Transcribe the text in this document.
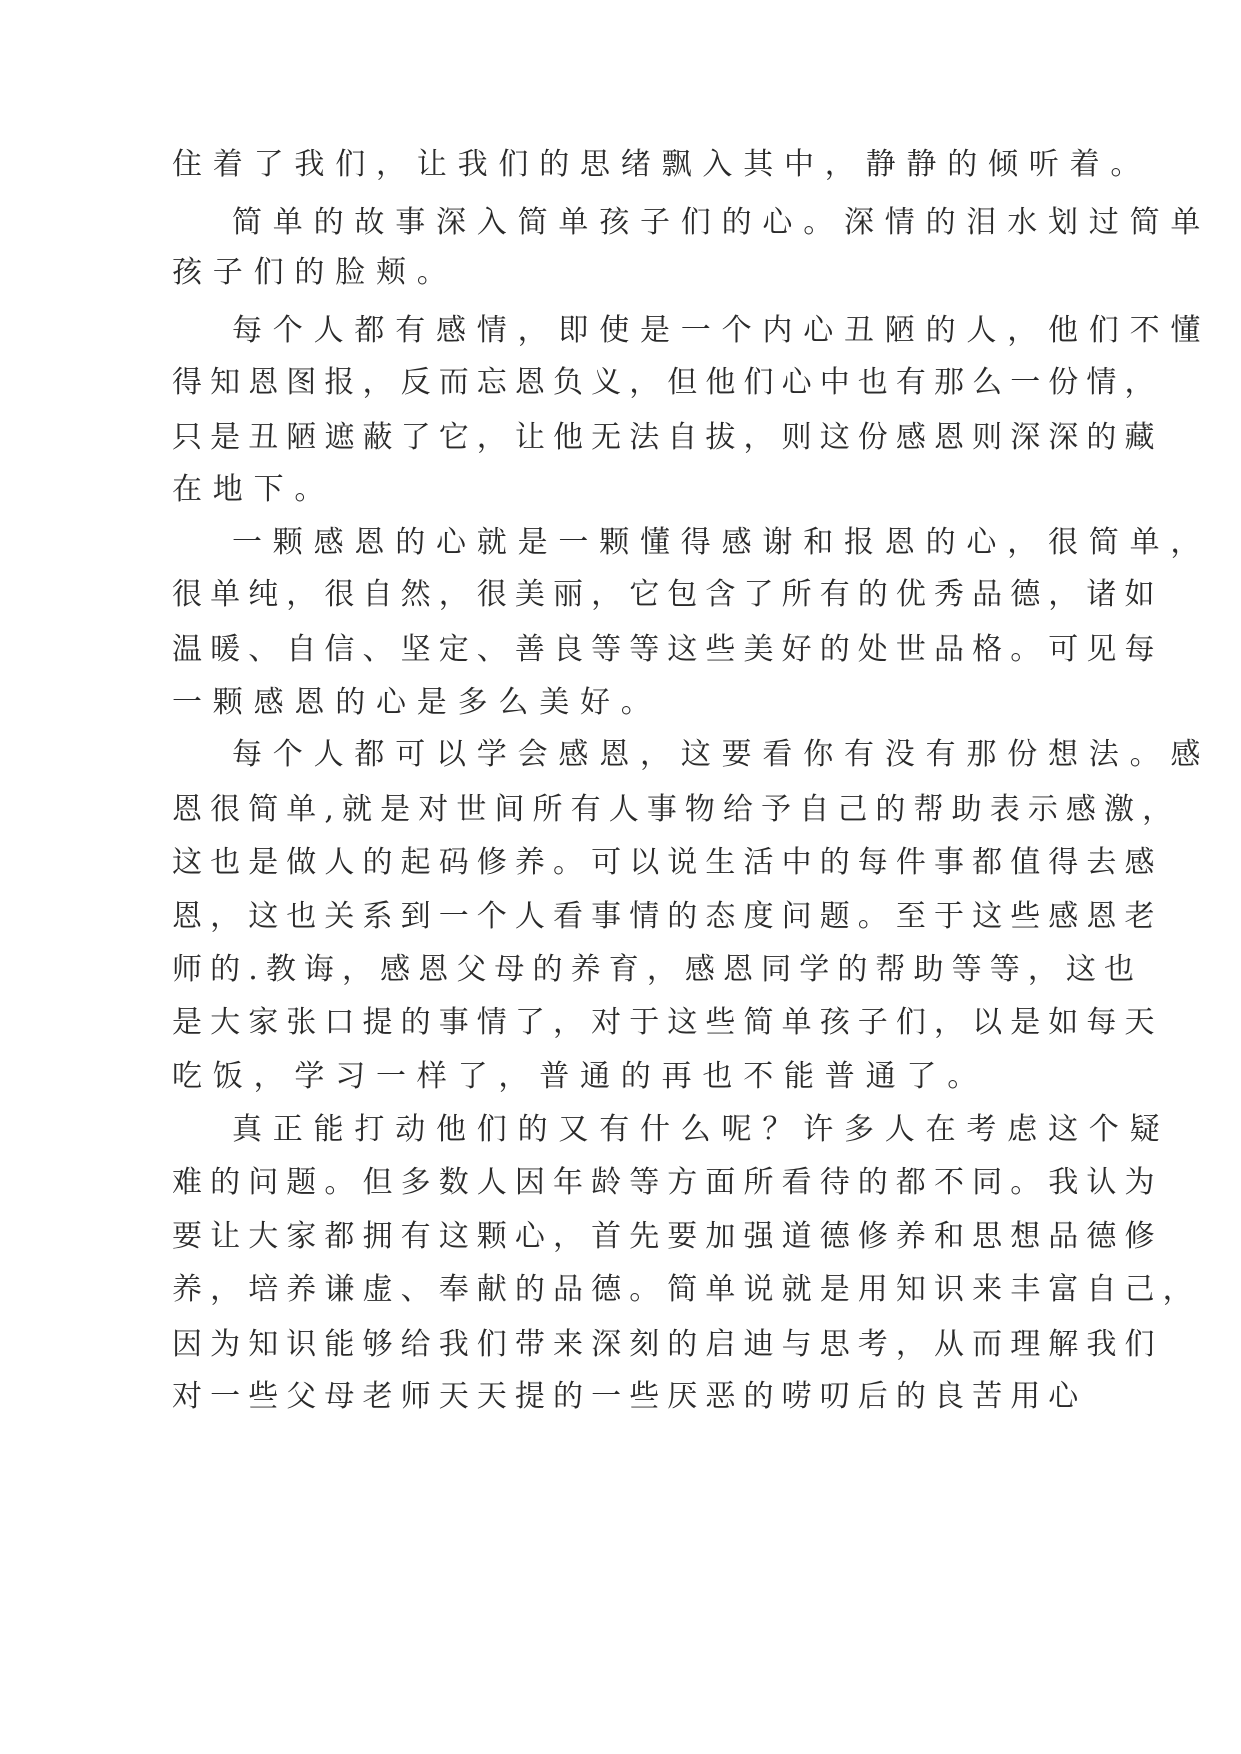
住着了我们，让我们的思绪飘入其中，静静的倾听着。
简单的故事深入简单孩子们的心。深情的泪水划过简单
孩子们的脸颊。
每个人都有感情，即使是一个内心丑陋的人，他们不懂
得知恩图报，反而忘恩负义，但他们心中也有那么一份情，
只是丑陋遮蔽了它，让他无法自拔，则这份感恩则深深的藏
在地下。
一颗感恩的心就是一颗懂得感谢和报恩的心，很简单，
很单纯，很自然，很美丽，它包含了所有的优秀品德，诸如
温暖、自信、坚定、善良等等这些美好的处世品格。可见每
一颗感恩的心是多么美好。
每个人都可以学会感恩，这要看你有没有那份想法。感
恩很简单,就是对世间所有人事物给予自己的帮助表示感激，
这也是做人的起码修养。可以说生活中的每件事都值得去感
恩，这也关系到一个人看事情的态度问题。至于这些感恩老
师的.教诲，感恩父母的养育，感恩同学的帮助等等，这也
是大家张口提的事情了，对于这些简单孩子们，以是如每天
吃饭，学习一样了，普通的再也不能普通了。
真正能打动他们的又有什么呢？许多人在考虑这个疑
难的问题。但多数人因年龄等方面所看待的都不同。我认为
要让大家都拥有这颗心，首先要加强道德修养和思想品德修
养，培养谦虚、奉献的品德。简单说就是用知识来丰富自己，
因为知识能够给我们带来深刻的启迪与思考，从而理解我们
对一些父母老师天天提的一些厌恶的唠叨后的良苦用心
